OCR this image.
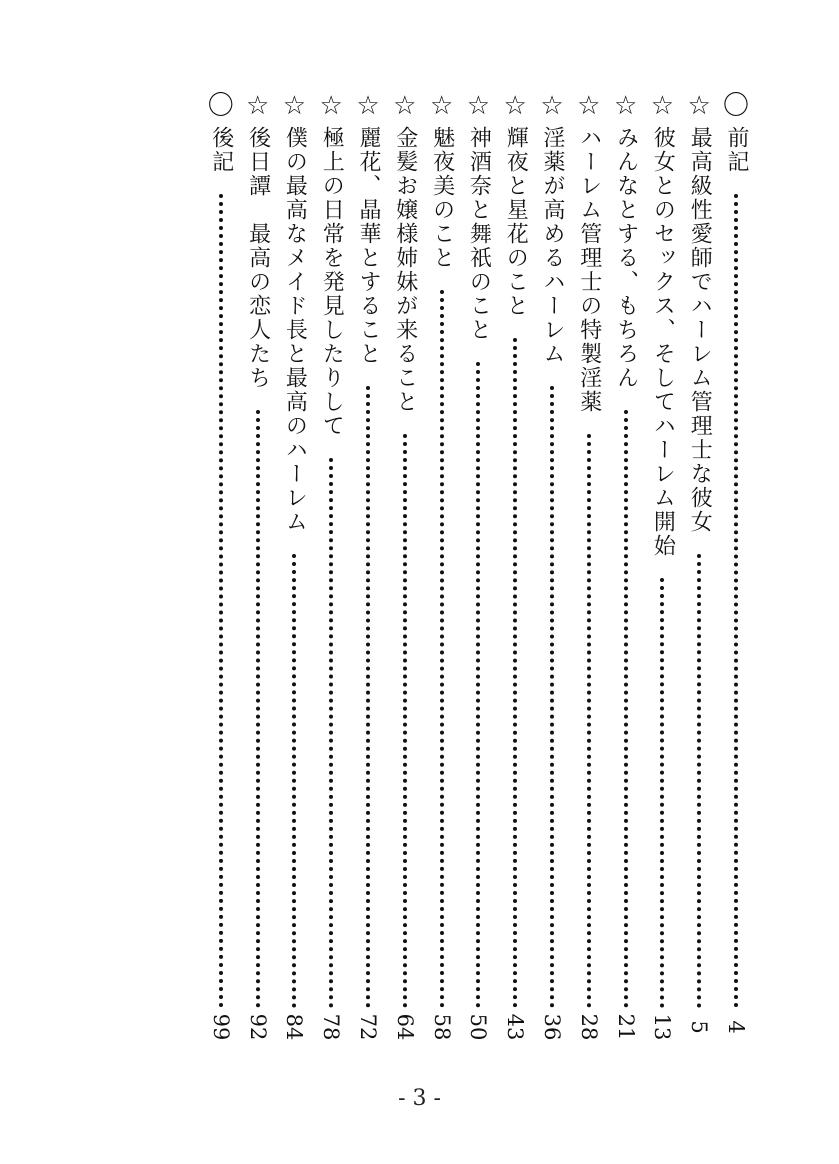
〇
前記
4
☆
最高級性愛師でハーレム管理士な彼女
5
☆
彼女とのセックス、そしてハーレム開始
13
☆
みんなとする、もちろん
21
☆
ハーレム管理士の特製淫薬
28
☆
淫薬が高めるハーレム
36
☆
輝夜と星花のこと
43
☆
神酒奈と舞祇のこと
50
☆
魅夜美のこと
58
☆
金髪お嬢様姉妹が来ること
64
☆
麗花、晶華とすること
72
☆
極上の日常を発見したりして
78
☆
僕の最高なメイド長と最高のハーレム
84
☆
後日譚　最高の恋人たち
92
〇
後記
99
- 3 -
